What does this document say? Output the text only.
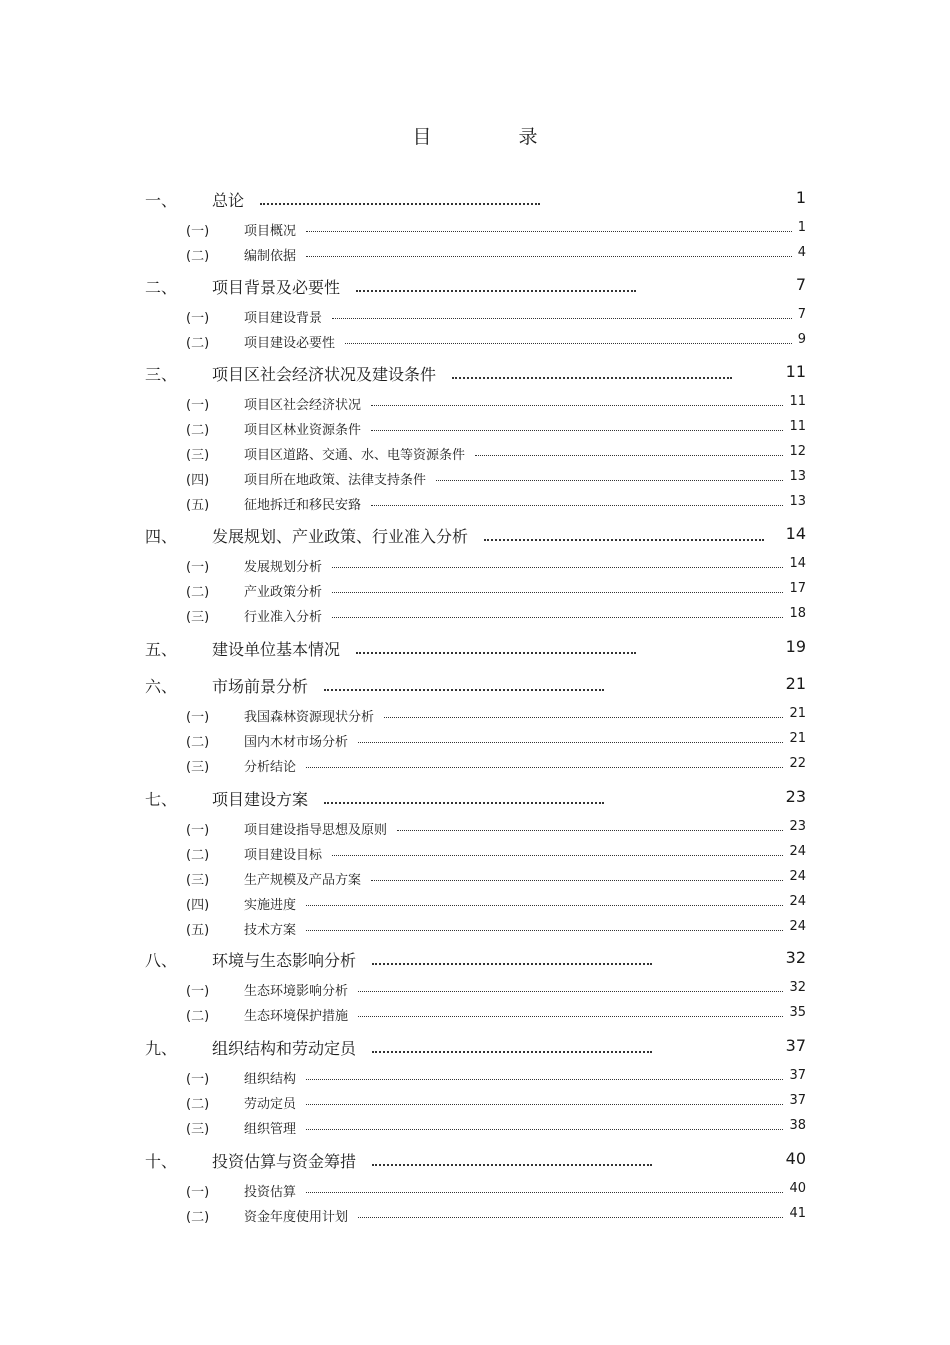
目　录
一、 总论	1
(一)	项目概况	1
(二)	编制依据	4
二、 项目背景及必要性	7
(一)	项目建设背景	7
(二)	项目建设必要性	9
三、 项目区社会经济状况及建设条件	11
(一)	项目区社会经济状况	11
(二)	项目区林业资源条件	11
(三)	项目区道路、交通、水、电等资源条件	12
(四)	项目所在地政策、法律支持条件	13
(五)	征地拆迁和移民安臵	13
四、 发展规划、产业政策、行业准入分析	14
(一)	发展规划分析	14
(二)	产业政策分析	17
(三)	行业准入分析	18
五、 建设单位基本情况	19
六、 市场前景分析	21
(一)	我国森林资源现状分析	21
(二)	国内木材市场分析	21
(三)	分析结论	22
七、 项目建设方案	23
(一)	项目建设指导思想及原则	23
(二)	项目建设目标	24
(三)	生产规模及产品方案	24
(四)	实施进度	24
(五)	技术方案	24
八、 环境与生态影响分析	32
(一)	生态环境影响分析	32
(二)	生态环境保护措施	35
九、 组织结构和劳动定员	37
(一)	组织结构	37
(二)	劳动定员	37
(三)	组织管理	38
十、 投资估算与资金筹措	40
(一)	投资估算	40
(二)	资金年度使用计划	41
